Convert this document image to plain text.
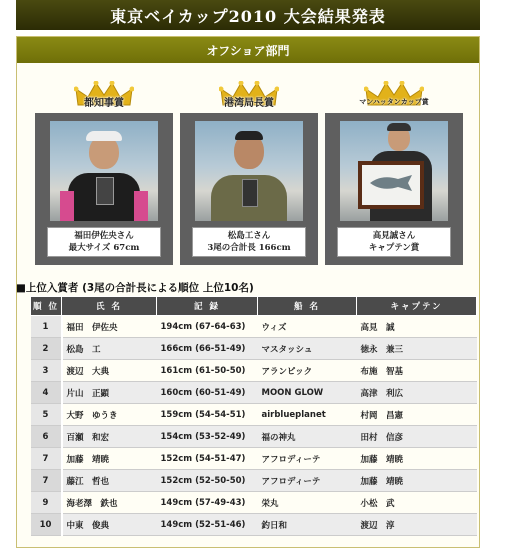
東京ベイカップ2010 大会結果発表
オフショア部門
都知事賞
福田伊佐央さん
最大サイズ 67cm
港湾局長賞
松島工さん
3尾の合計長 166cm
マンハッタンカップ賞
高見誠さん
キャプテン賞
■上位入賞者 (3尾の合計長による順位 上位10名)
順 位	氏 名	記 録	船 名	キャプテン
1	福田　伊佐央	194cm (67-64-63)	ウィズ	高見　誠
2	松島　工	166cm (66-51-49)	マスタッシュ	徳永　兼三
3	渡辺　大典	161cm (61-50-50)	アランピック	布施　智基
4	片山　正顕	160cm (60-51-49)	MOON GLOW	高津　利広
5	大野　ゆうき	159cm (54-54-51)	airblueplanet	村岡　昌憲
6	百瀬　和宏	154cm (53-52-49)	福の神丸	田村　信彦
7	加藤　靖暁	152cm (54-51-47)	アフロディーテ	加藤　靖暁
7	藤江　哲也	152cm (52-50-50)	アフロディーテ	加藤　靖暁
9	海老澤　鉄也	149cm (57-49-43)	栄丸	小松　武
10	中東　俊典	149cm (52-51-46)	釣日和	渡辺　淳
